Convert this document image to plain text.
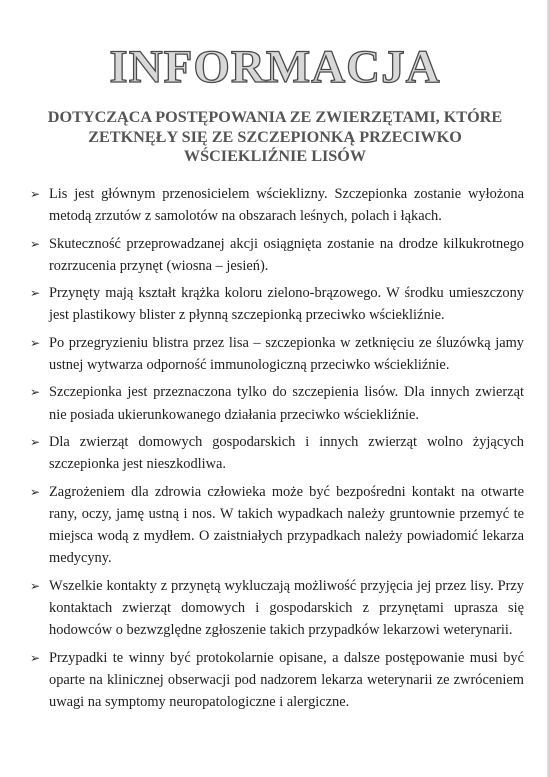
INFORMACJA
DOTYCZĄCA POSTĘPOWANIA ZE ZWIERZĘTAMI, KTÓRE ZETKNĘŁY SIĘ ZE SZCZEPIONKĄ PRZECIWKO WŚCIEKLIŹNIE LISÓW
➢ Lis jest głównym przenosicielem wścieklizny. Szczepionka zostanie wyłożona metodą zrzutów z samolotów na obszarach leśnych, polach i łąkach.
➢ Skuteczność przeprowadzanej akcji osiągnięta zostanie na drodze kilkukrotnego rozrzucenia przynęt (wiosna – jesień).
➢ Przynęty mają kształt krążka koloru zielono-brązowego. W środku umieszczony jest plastikowy blister z płynną szczepionką przeciwko wściekliźnie.
➢ Po przegryzieniu blistra przez lisa – szczepionka w zetknięciu ze śluzówką jamy ustnej wytwarza odporność immunologiczną przeciwko wściekliźnie.
➢ Szczepionka jest przeznaczona tylko do szczepienia lisów. Dla innych zwierząt nie posiada ukierunkowanego działania przeciwko wściekliźnie.
➢ Dla zwierząt domowych gospodarskich i innych zwierząt wolno żyjących szczepionka jest nieszkodliwa.
➢ Zagrożeniem dla zdrowia człowieka może być bezpośredni kontakt na otwarte rany, oczy, jamę ustną i nos. W takich wypadkach należy gruntownie przemyć te miejsca wodą z mydłem. O zaistniałych przypadkach należy powiadomić lekarza medycyny.
➢ Wszelkie kontakty z przynętą wykluczają możliwość przyjęcia jej przez lisy. Przy kontaktach zwierząt domowych i gospodarskich z przynętami uprasza się hodowców o bezwzględne zgłoszenie takich przypadków lekarzowi weterynarii.
➢ Przypadki te winny być protokolarnie opisane, a dalsze postępowanie musi być oparte na klinicznej obserwacji pod nadzorem lekarza weterynarii ze zwróceniem uwagi na symptomy neuropatologiczne i alergiczne.
